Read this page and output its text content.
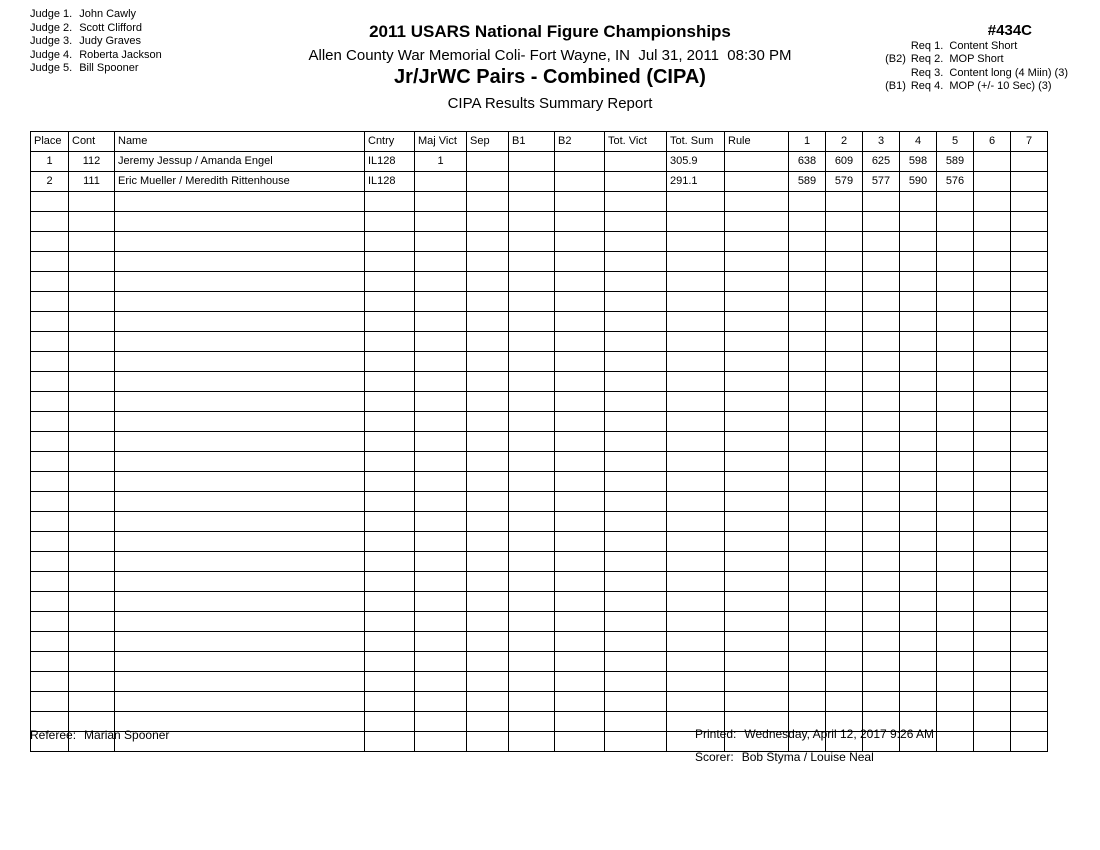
Judge 1. John Cawly
Judge 2. Scott Clifford
Judge 3. Judy Graves
Judge 4. Roberta Jackson
Judge 5. Bill Spooner
2011 USARS National Figure Championships
Allen County War Memorial Coli- Fort Wayne, IN  Jul 31, 2011  08:30 PM
Jr/JrWC Pairs - Combined (CIPA)
CIPA Results Summary Report
#434C
Req 1.  Content Short
(B2) Req 2.  MOP Short
Req 3.  Content long (4 Miin) (3)
(B1) Req 4.  MOP (+/- 10 Sec) (3)
Place	Cont	Name	Cntry	Maj Vict	Sep	B1	B2	Tot. Vict	Tot. Sum	Rule	1	2	3	4	5	6	7
1	112	Jeremy Jessup / Amanda Engel	IL128	1					305.9		638	609	625	598	589		
2	111	Eric Mueller / Meredith Rittenhouse	IL128						291.1		589	579	577	590	576		

Referee: Marian Spooner	Printed: Wednesday, April 12, 2017 9:26 AM
Scorer: Bob Styma / Louise Neal
